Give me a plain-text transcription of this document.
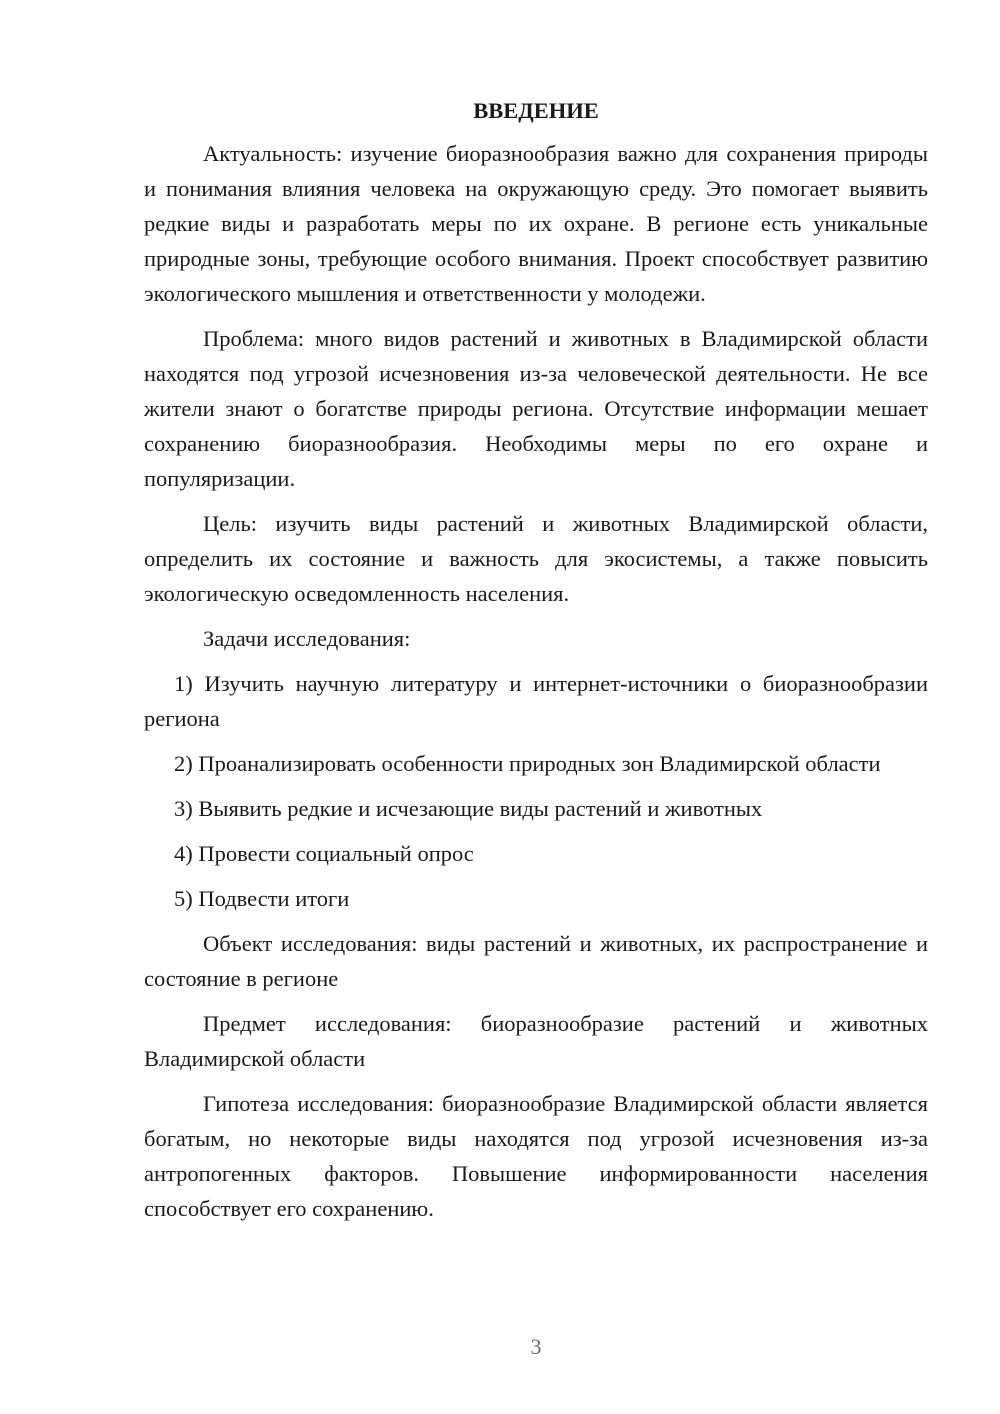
ВВЕДЕНИЕ

Актуальность: изучение биоразнообразия важно для сохранения природы и понимания влияния человека на окружающую среду. Это помогает выявить редкие виды и разработать меры по их охране. В регионе есть уникальные природные зоны, требующие особого внимания. Проект способствует развитию экологического мышления и ответственности у молодежи.

Проблема: много видов растений и животных в Владимирской области находятся под угрозой исчезновения из-за человеческой деятельности. Не все жители знают о богатстве природы региона. Отсутствие информации мешает сохранению биоразнообразия. Необходимы меры по его охране и популяризации.

Цель: изучить виды растений и животных Владимирской области, определить их состояние и важность для экосистемы, а также повысить экологическую осведомленность населения.

Задачи исследования:

1) Изучить научную литературу и интернет-источники о биоразнообразии региона

2) Проанализировать особенности природных зон Владимирской области

3) Выявить редкие и исчезающие виды растений и животных

4) Провести социальный опрос

5) Подвести итоги

Объект исследования: виды растений и животных, их распространение и состояние в регионе

Предмет исследования: биоразнообразие растений и животных Владимирской области

Гипотеза исследования: биоразнообразие Владимирской области является богатым, но некоторые виды находятся под угрозой исчезновения из-за антропогенных факторов. Повышение информированности населения способствует его сохранению.

3
